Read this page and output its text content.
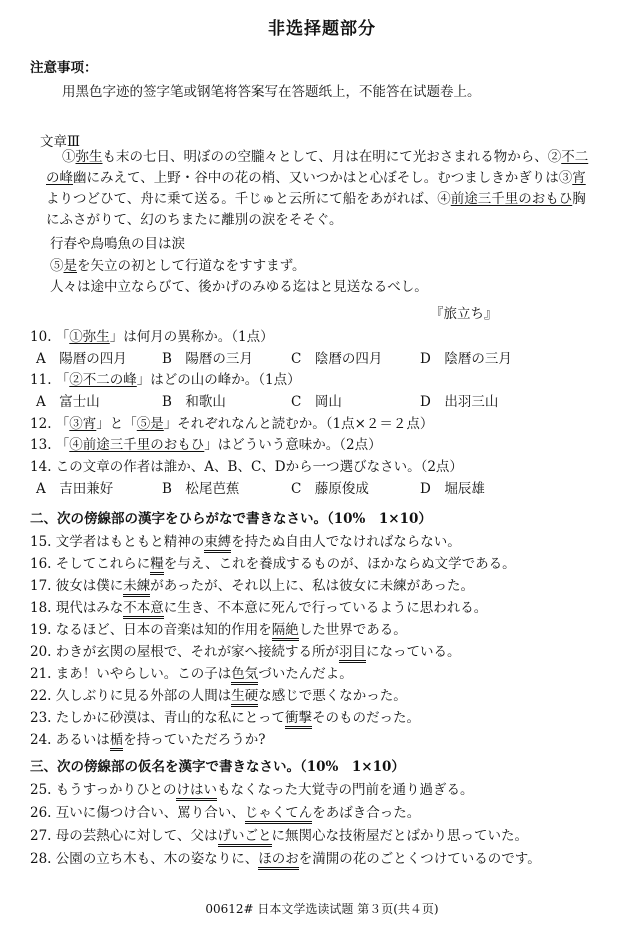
非选择题部分
注意事项：
用黑色字迹的签字笔或钢笔将答案写在答题纸上，不能答在试题卷上。
文章Ⅲ
①弥生も末の七日、明ぼのの空朧々として、月は在明にて光おさまれる物から、②不二
の峰幽にみえて、上野・谷中の花の梢、又いつかはと心ぼそし。むつましきかぎりは③宵
よりつどひて、舟に乗て送る。千じゅと云所にて船をあがれば、④前途三千里のおもひ胸
にふさがりて、幻のちまたに離別の涙をそそぐ。
行春や鳥鳴魚の目は涙
⑤是を矢立の初として行道なをすすまず。
人々は途中立ならびて、後かげのみゆる迄はと見送なるべし。
『旅立ち』
10. 「①弥生」は何月の異称か。（1点）
A　陽暦の四月	B　陽暦の三月	C　陰暦の四月	D　陰暦の三月
11. 「②不二の峰」はどの山の峰か。（1点）
A　富士山	B　和歌山	C　岡山	D　出羽三山
12. 「③宵」と「⑤是」それぞれなんと読むか。（1点×２＝２点）
13. 「④前途三千里のおもひ」はどういう意味か。（2点）
14. この文章の作者は誰か、A、B、C、Dから一つ選びなさい。（2点）
A　吉田兼好	B　松尾芭蕉	C　藤原俊成	D　堀辰雄
二、次の傍線部の漢字をひらがなで書きなさい。（10%　1×10）
15. 文学者はもともと精神の束縛を持たぬ自由人でなければならない。
16. そしてこれらに糧を与え、これを養成するものが、ほかならぬ文学である。
17. 彼女は僕に未練があったが、それ以上に、私は彼女に未練があった。
18. 現代はみな不本意に生き、不本意に死んで行っているように思われる。
19. なるほど、日本の音楽は知的作用を隔絶した世界である。
20. わきが玄関の屋根で、それが家へ接続する所が羽目になっている。
21. まあ！いやらしい。この子は色気づいたんだよ。
22. 久しぶりに見る外部の人間は生硬な感じで悪くなかった。
23. たしかに砂漠は、青山的な私にとって衝撃そのものだった。
24. あるいは楯を持っていただろうか?
三、次の傍線部の仮名を漢字で書きなさい。（10%　1×10）
25. もうすっかりひとのけはいもなくなった大覚寺の門前を通り過ぎる。
26. 互いに傷つけ合い、罵り合い、じゃくてんをあばき合った。
27. 母の芸熱心に対して、父はげいごとに無関心な技術屋だとばかり思っていた。
28. 公園の立ち木も、木の姿なりに、ほのおを満開の花のごとくつけているのです。
00612# 日本文学选读试题 第３页(共４页)
